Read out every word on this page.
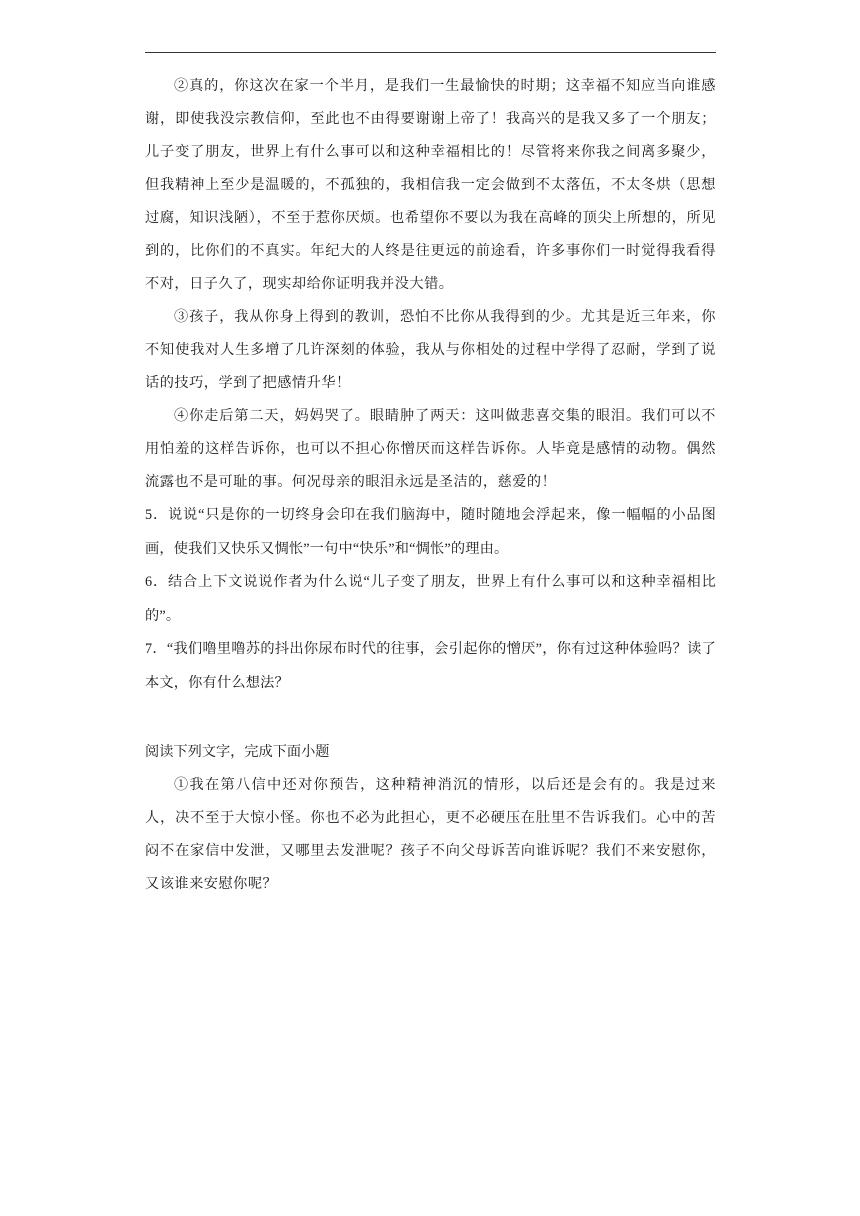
②真的，你这次在家一个半月，是我们一生最愉快的时期；这幸福不知应当向谁感谢，即使我没宗教信仰，至此也不由得要谢谢上帝了！我高兴的是我又多了一个朋友；儿子变了朋友，世界上有什么事可以和这种幸福相比的！尽管将来你我之间离多聚少，但我精神上至少是温暖的，不孤独的，我相信我一定会做到不太落伍，不太冬烘（思想过腐，知识浅陋），不至于惹你厌烦。也希望你不要以为我在高峰的顶尖上所想的，所见到的，比你们的不真实。年纪大的人终是往更远的前途看，许多事你们一时觉得我看得不对，日子久了，现实却给你证明我并没大错。

③孩子，我从你身上得到的教训，恐怕不比你从我得到的少。尤其是近三年来，你不知使我对人生多增了几许深刻的体验，我从与你相处的过程中学得了忍耐，学到了说话的技巧，学到了把感情升华！

④你走后第二天，妈妈哭了。眼睛肿了两天：这叫做悲喜交集的眼泪。我们可以不用怕羞的这样告诉你，也可以不担心你憎厌而这样告诉你。人毕竟是感情的动物。偶然流露也不是可耻的事。何况母亲的眼泪永远是圣洁的，慈爱的！

5．说说“只是你的一切终身会印在我们脑海中，随时随地会浮起来，像一幅幅的小品图画，使我们又快乐又惆怅”一句中“快乐”和“惆怅”的理由。

6．结合上下文说说作者为什么说“儿子变了朋友，世界上有什么事可以和这种幸福相比的”。

7．“我们噜里噜苏的抖出你尿布时代的往事，会引起你的憎厌”，你有过这种体验吗？读了本文，你有什么想法？

阅读下列文字，完成下面小题

①我在第八信中还对你预告，这种精神消沉的情形，以后还是会有的。我是过来人，决不至于大惊小怪。你也不必为此担心，更不必硬压在肚里不告诉我们。心中的苦闷不在家信中发泄，又哪里去发泄呢？孩子不向父母诉苦向谁诉呢？我们不来安慰你，又该谁来安慰你呢？
